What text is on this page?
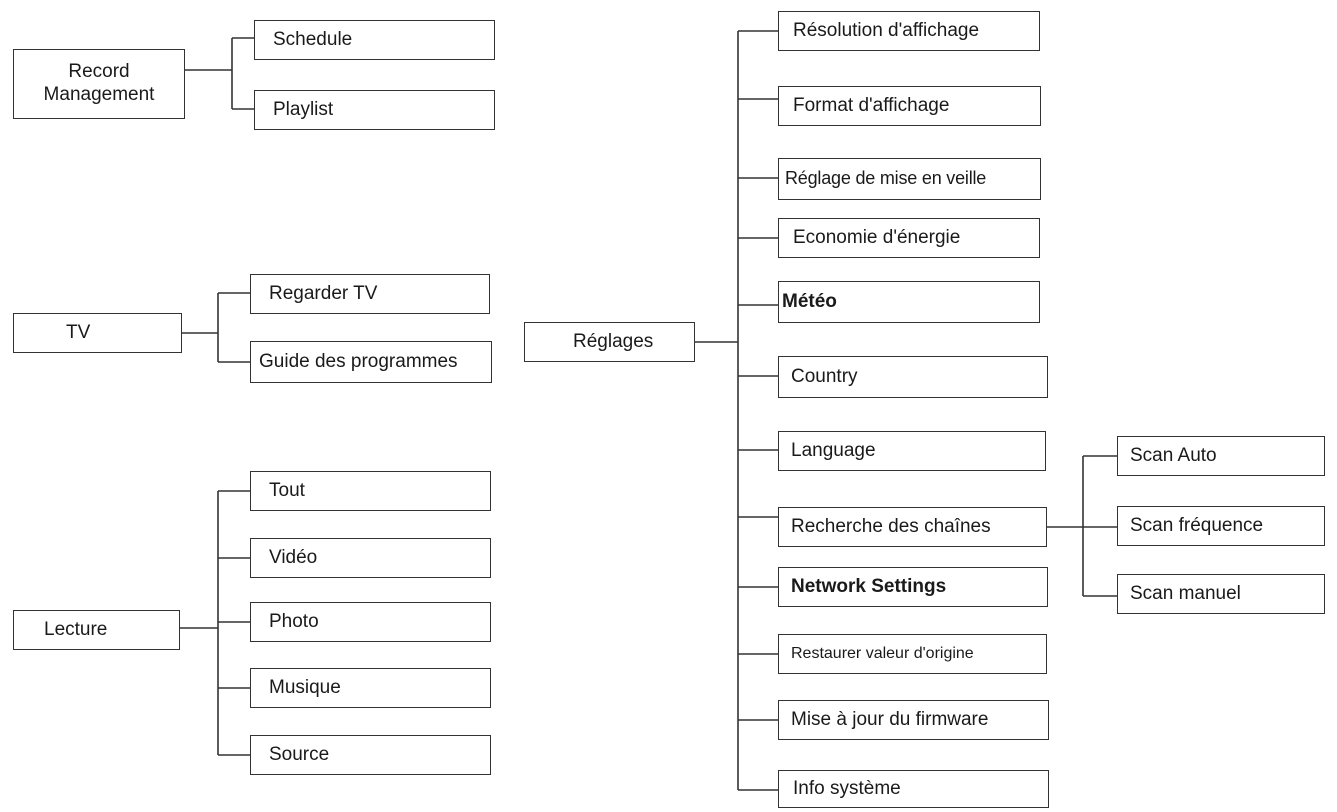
Record
Management
Schedule
Playlist
TV
Regarder TV
Guide des programmes
Lecture
Tout
Vidéo
Photo
Musique
Source
Réglages
Résolution d'affichage
Format d'affichage
Réglage de mise en veille
Economie d'énergie
Météo
Country
Language
Recherche des chaînes
Network Settings
Restaurer valeur d'origine
Mise à jour du firmware
Info système
Scan Auto
Scan fréquence
Scan manuel
